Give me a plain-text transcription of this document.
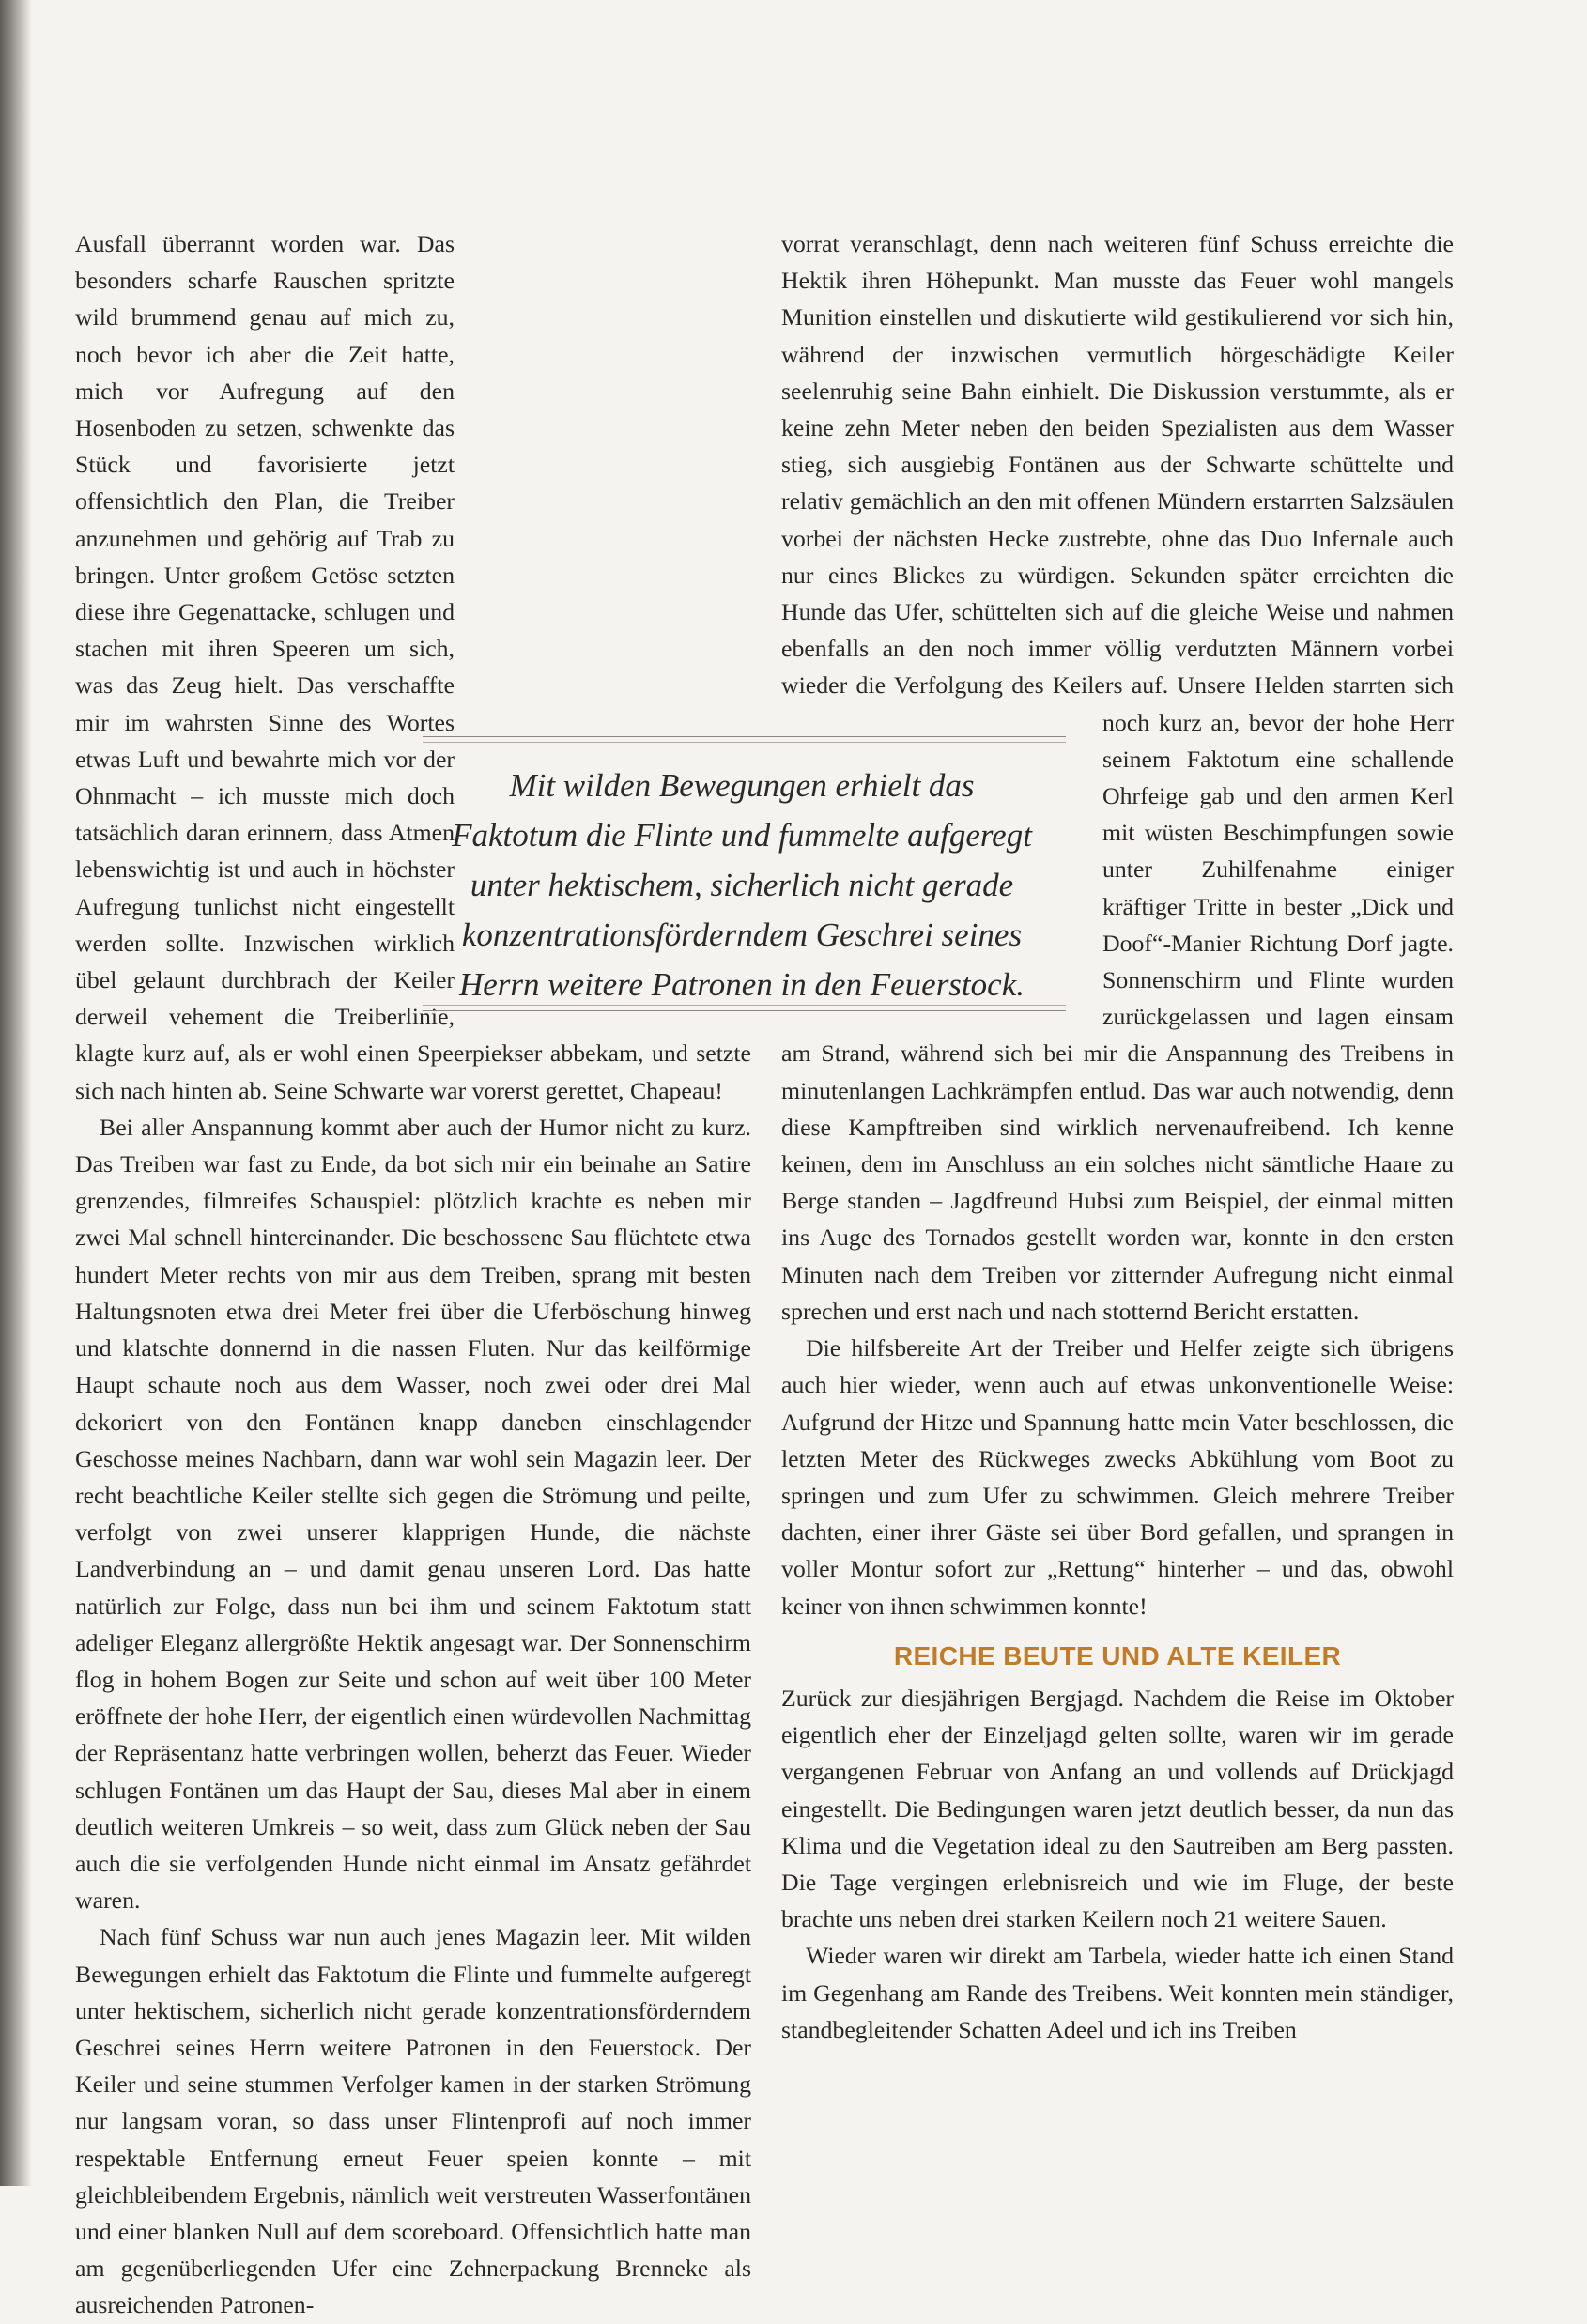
Ausfall überrannt worden war. Das besonders scharfe Rauschen spritzte wild brummend genau auf mich zu, noch bevor ich aber die Zeit hatte, mich vor Aufregung auf den Hosenboden zu setzen, schwenkte das Stück und favorisierte jetzt offensichtlich den Plan, die Treiber anzunehmen und gehörig auf Trab zu bringen. Unter großem Getöse setzten diese ihre Gegenattacke, schlugen und stachen mit ihren Speeren um sich, was das Zeug hielt. Das verschaffte mir im wahrsten Sinne des Wortes etwas Luft und bewahrte mich vor der Ohnmacht – ich musste mich doch tatsächlich daran erinnern, dass Atmen lebenswichtig ist und auch in höchster Aufregung tunlichst nicht eingestellt werden sollte. Inzwischen wirklich übel gelaunt durchbrach der Keiler derweil vehement die Treiberlinie, klagte kurz auf, als er wohl einen Speerpiekser abbekam, und setzte sich nach hinten ab. Seine Schwarte war vorerst gerettet, Chapeau!

Bei aller Anspannung kommt aber auch der Humor nicht zu kurz. Das Treiben war fast zu Ende, da bot sich mir ein beinahe an Satire grenzendes, filmreifes Schauspiel: plötzlich krachte es neben mir zwei Mal schnell hintereinander. Die beschossene Sau flüchtete etwa hundert Meter rechts von mir aus dem Treiben, sprang mit besten Haltungsnoten etwa drei Meter frei über die Uferböschung hinweg und klatschte donnernd in die nassen Fluten. Nur das keilförmige Haupt schaute noch aus dem Wasser, noch zwei oder drei Mal dekoriert von den Fontänen knapp daneben einschlagender Geschosse meines Nachbarn, dann war wohl sein Magazin leer. Der recht beachtliche Keiler stellte sich gegen die Strömung und peilte, verfolgt von zwei unserer klapprigen Hunde, die nächste Landverbindung an – und damit genau unseren Lord. Das hatte natürlich zur Folge, dass nun bei ihm und seinem Faktotum statt adeliger Eleganz allergrößte Hektik angesagt war. Der Sonnenschirm flog in hohem Bogen zur Seite und schon auf weit über 100 Meter eröffnete der hohe Herr, der eigentlich einen würdevollen Nachmittag der Repräsentanz hatte verbringen wollen, beherzt das Feuer. Wieder schlugen Fontänen um das Haupt der Sau, dieses Mal aber in einem deutlich weiteren Umkreis – so weit, dass zum Glück neben der Sau auch die sie verfolgenden Hunde nicht einmal im Ansatz gefährdet waren.

Nach fünf Schuss war nun auch jenes Magazin leer. Mit wilden Bewegungen erhielt das Faktotum die Flinte und fummelte aufgeregt unter hektischem, sicherlich nicht gerade konzentrationsförderndem Geschrei seines Herrn weitere Patronen in den Feuerstock. Der Keiler und seine stummen Verfolger kamen in der starken Strömung nur langsam voran, so dass unser Flintenprofi auf noch immer respektable Entfernung erneut Feuer speien konnte – mit gleichbleibendem Ergebnis, nämlich weit verstreuten Wasserfontänen und einer blanken Null auf dem scoreboard. Offensichtlich hatte man am gegenüberliegenden Ufer eine Zehnerpackung Brenneke als ausreichenden Patronen-

vorrat veranschlagt, denn nach weiteren fünf Schuss erreichte die Hektik ihren Höhepunkt. Man musste das Feuer wohl mangels Munition einstellen und diskutierte wild gestikulierend vor sich hin, während der inzwischen vermutlich hörgeschädigte Keiler seelenruhig seine Bahn einhielt. Die Diskussion verstummte, als er keine zehn Meter neben den beiden Spezialisten aus dem Wasser stieg, sich ausgiebig Fontänen aus der Schwarte schüttelte und relativ gemächlich an den mit offenen Mündern erstarrten Salzsäulen vorbei der nächsten Hecke zustrebte, ohne das Duo Infernale auch nur eines Blickes zu würdigen. Sekunden später erreichten die Hunde das Ufer, schüttelten sich auf die gleiche Weise und nahmen ebenfalls an den noch immer völlig verdutzten Männern vorbei wieder die Verfolgung des Keilers auf. Unsere Helden starrten sich noch kurz an, bevor der hohe Herr seinem Faktotum eine schallende Ohrfeige gab und den armen Kerl mit wüsten Beschimpfungen sowie unter Zuhilfenahme einiger kräftiger Tritte in bester „Dick und Doof“-Manier Richtung Dorf jagte. Sonnenschirm und Flinte wurden zurückgelassen und lagen einsam am Strand, während sich bei mir die Anspannung des Treibens in minutenlangen Lachkrämpfen entlud. Das war auch notwendig, denn diese Kampftreiben sind wirklich nervenaufreibend. Ich kenne keinen, dem im Anschluss an ein solches nicht sämtliche Haare zu Berge standen – Jagdfreund Hubsi zum Beispiel, der einmal mitten ins Auge des Tornados gestellt worden war, konnte in den ersten Minuten nach dem Treiben vor zitternder Aufregung nicht einmal sprechen und erst nach und nach stotternd Bericht erstatten.

Die hilfsbereite Art der Treiber und Helfer zeigte sich übrigens auch hier wieder, wenn auch auf etwas unkonventionelle Weise: Aufgrund der Hitze und Spannung hatte mein Vater beschlossen, die letzten Meter des Rückweges zwecks Abkühlung vom Boot zu springen und zum Ufer zu schwimmen. Gleich mehrere Treiber dachten, einer ihrer Gäste sei über Bord gefallen, und sprangen in voller Montur sofort zur „Rettung“ hinterher – und das, obwohl keiner von ihnen schwimmen konnte!

REICHE BEUTE UND ALTE KEILER

Zurück zur diesjährigen Bergjagd. Nachdem die Reise im Oktober eigentlich eher der Einzeljagd gelten sollte, waren wir im gerade vergangenen Februar von Anfang an und vollends auf Drückjagd eingestellt. Die Bedingungen waren jetzt deutlich besser, da nun das Klima und die Vegetation ideal zu den Sautreiben am Berg passten. Die Tage vergingen erlebnisreich und wie im Fluge, der beste brachte uns neben drei starken Keilern noch 21 weitere Sauen.

Wieder waren wir direkt am Tarbela, wieder hatte ich einen Stand im Gegenhang am Rande des Treibens. Weit konnten mein ständiger, standbegleitender Schatten Adeel und ich ins Treiben

Mit wilden Bewegungen erhielt das
Faktotum die Flinte und fummelte aufgeregt
unter hektischem, sicherlich nicht gerade
konzentrationsförderndem Geschrei seines
Herrn weitere Patronen in den Feuerstock.
